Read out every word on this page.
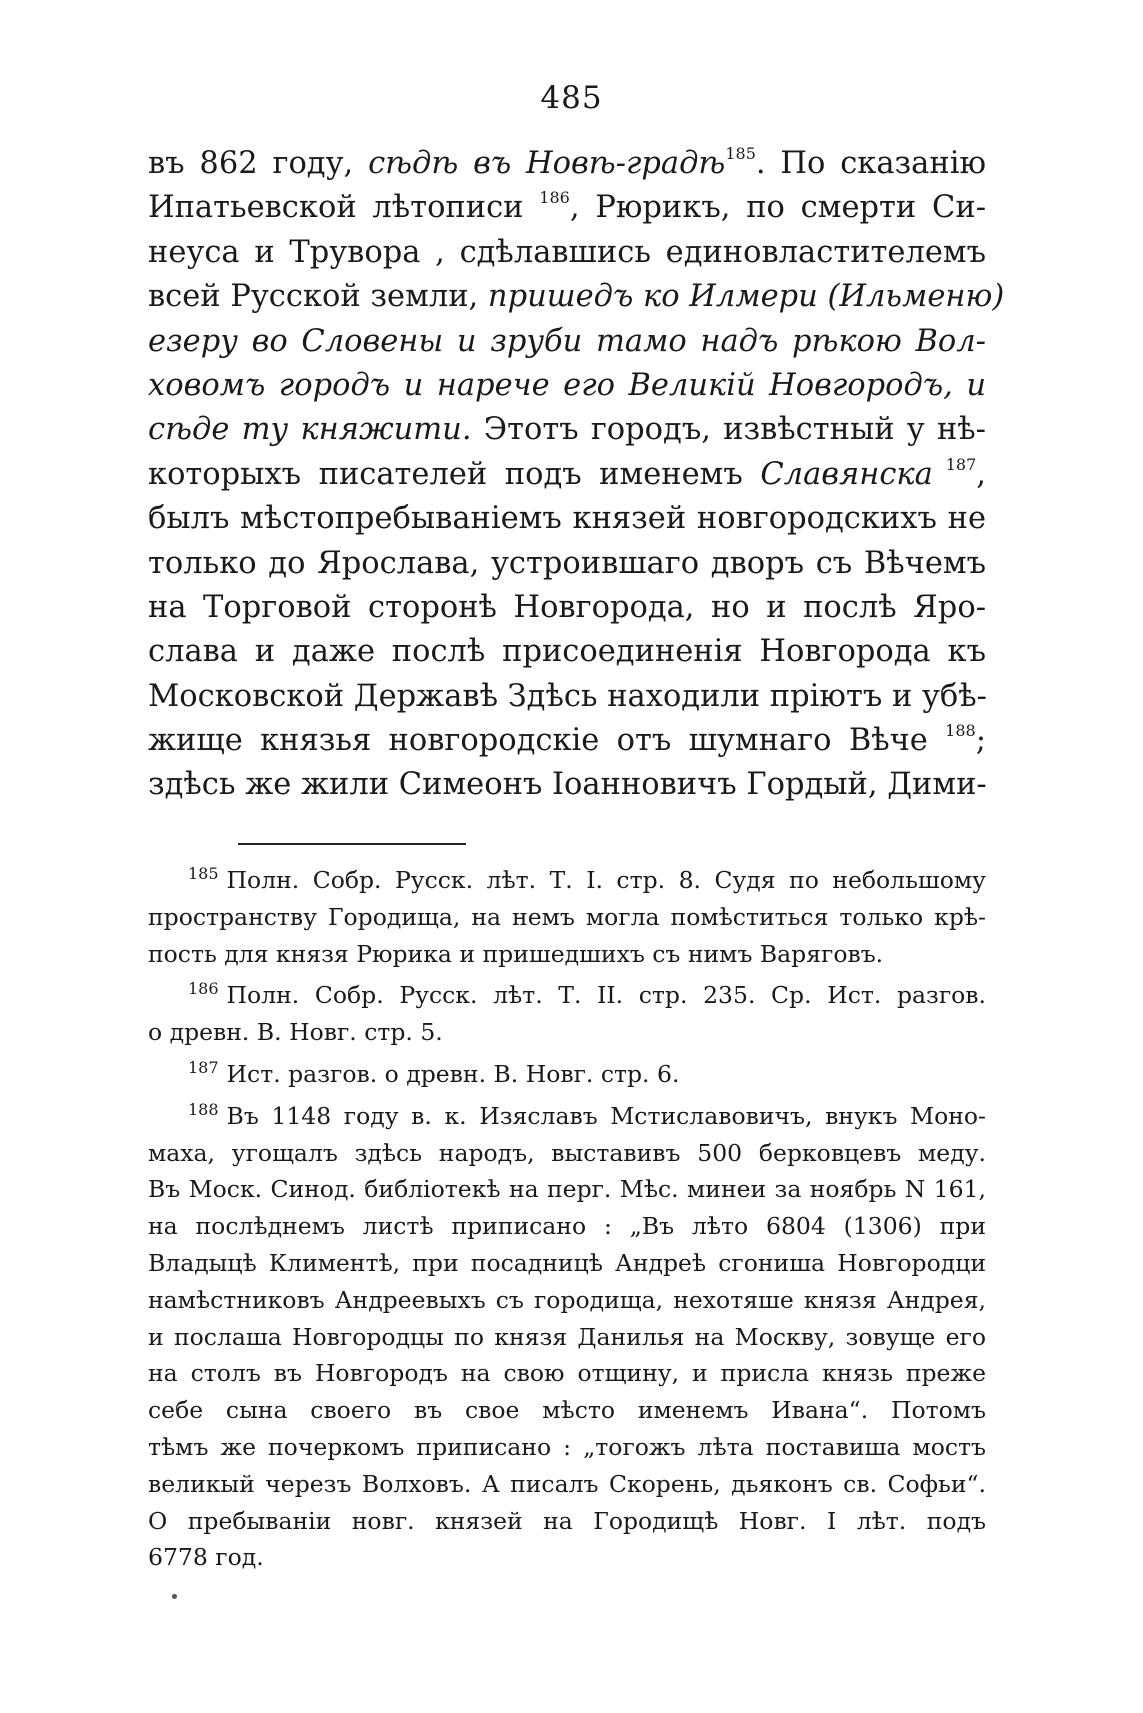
485
въ 862 году, сѣдѣ въ Новѣ-градѣ$^{185}$. По сказанію
Ипатьевской лѣтописи $^{186}$, Рюрикъ, по смерти Си-
неуса и Трувора , сдѣлавшись единовластителемъ
всей Русской земли, пришедъ ко Илмери (Ильменю)
езеру во Словены и зруби тамо надъ рѣкою Вол-
ховомъ городъ и нарече его Великій Новгородъ, и
сѣде ту княжити. Этотъ городъ, извѣстный у нѣ-
которыхъ писателей подъ именемъ Славянска $^{187}$,
былъ мѣстопребываніемъ князей новгородскихъ не
только до Ярослава, устроившаго дворъ съ Вѣчемъ
на Торговой сторонѣ Новгорода, но и послѣ Яро-
слава и даже послѣ присоединенія Новгорода къ
Московской Державѣ Здѣсь находили пріютъ и убѣ-
жище князья новгородскіе отъ шумнаго Вѣче $^{188}$;
здѣсь же жили Симеонъ Іоанновичъ Гордый, Дими-
$^{185}$ Полн. Собр. Русск. лѣт. Т. I. стр. 8. Судя по небольшому
пространству Городища, на немъ могла помѣститься только крѣ-
пость для князя Рюрика и пришедшихъ съ нимъ Варяговъ.
$^{186}$ Полн. Собр. Русск. лѣт. Т. II. стр. 235. Ср. Ист. разгов.
о древн. В. Новг. стр. 5.
$^{187}$ Ист. разгов. о древн. В. Новг. стр. 6.
$^{188}$ Въ 1148 году в. к. Изяславъ Мстиславовичъ, внукъ Моно-
маха, угощалъ здѣсь народъ, выставивъ 500 берковцевъ меду.
Въ Моск. Синод. библіотекѣ на перг. Мѣс. минеи за ноябрь N 161,
на послѣднемъ листѣ приписано : „Въ лѣто 6804 (1306) при
Владыцѣ Климентѣ, при посадницѣ Андреѣ сгониша Новгородци
намѣстниковъ Андреевыхъ съ городища, нехотяше князя Андрея,
и послаша Новгородцы по князя Данилья на Москву, зовуще его
на столъ въ Новгородъ на свою отщину, и присла князь преже
себе сына своего въ свое мѣсто именемъ Ивана“. Потомъ
тѣмъ же почеркомъ приписано : „тогожъ лѣта поставиша мостъ
великый черезъ Волховъ. А писалъ Скорень, дьяконъ св. Софьи“.
О пребываніи новг. князей на Городищѣ Новг. I лѣт. подъ
6778 год.
